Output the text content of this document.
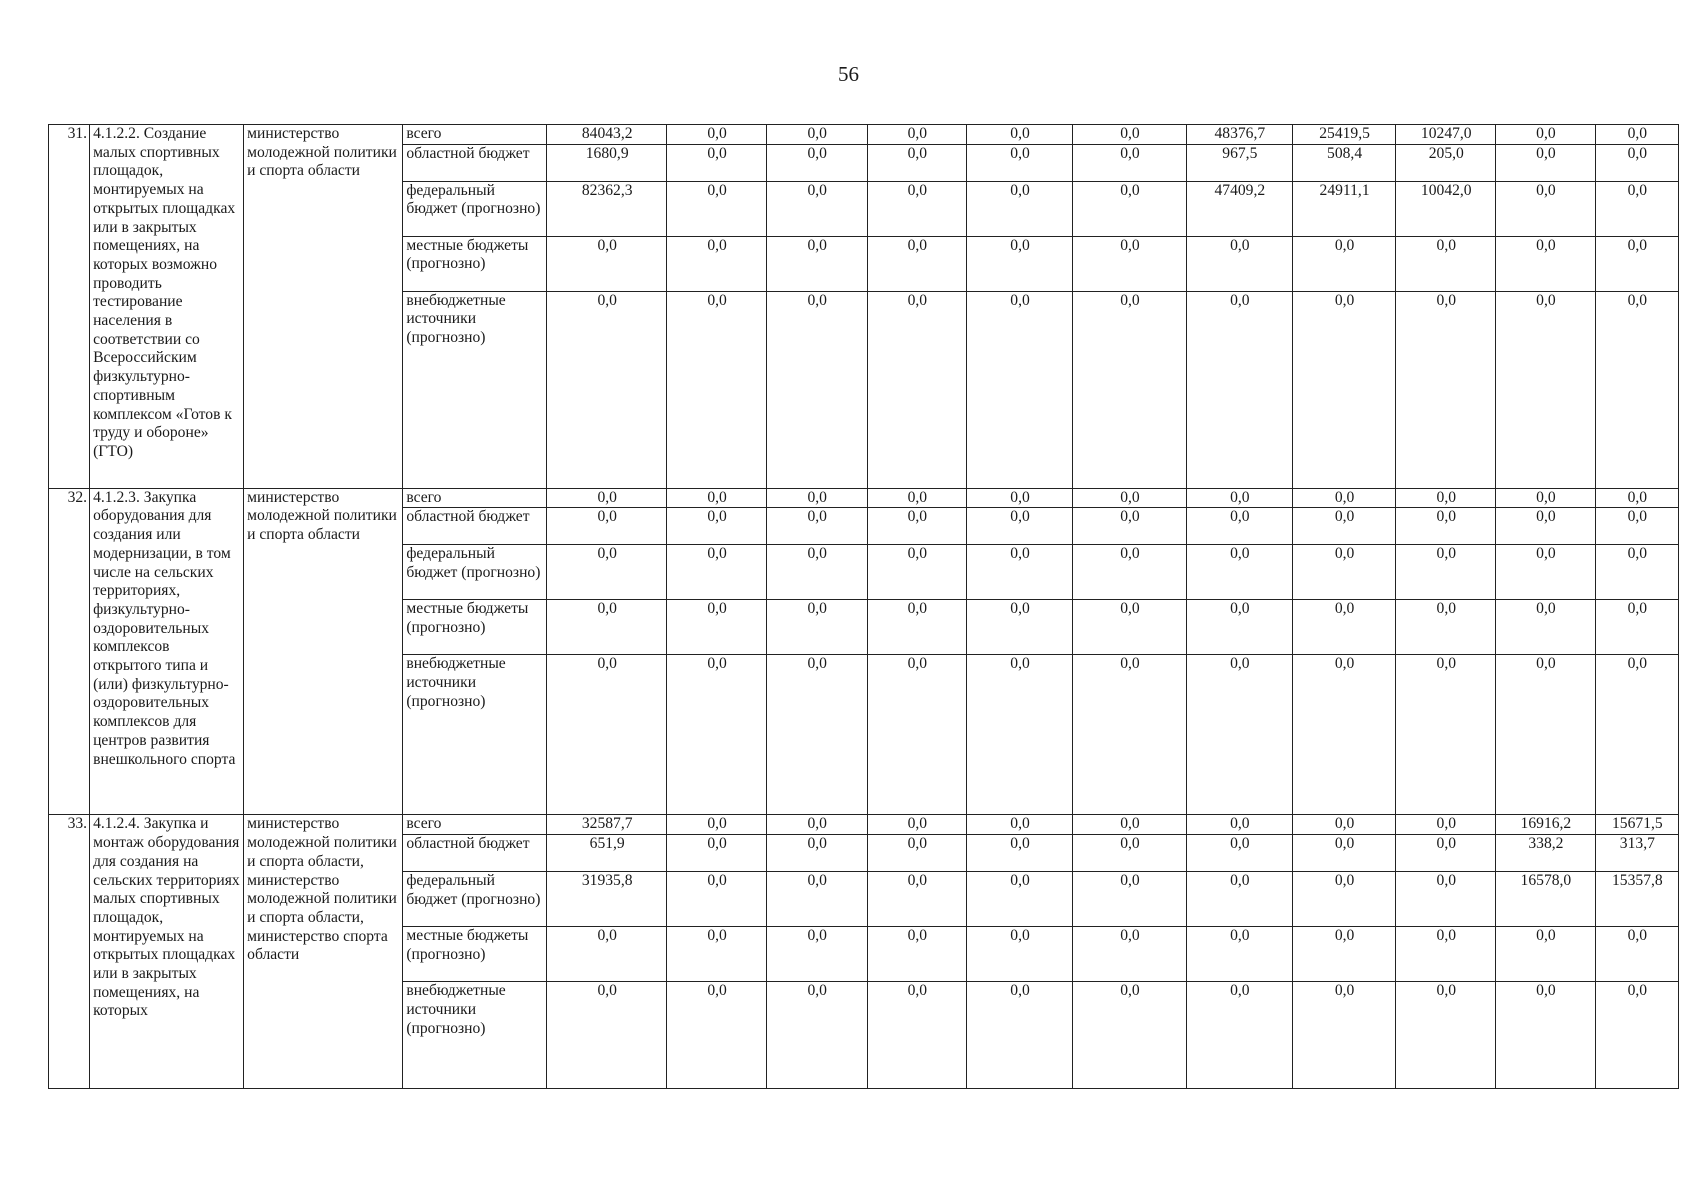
56
31.	4.1.2.2. Создание малых спортивных площадок, монтируемых на открытых площадках или в закрытых помещениях, на которых возможно проводить тестирование населения в соответствии со Всероссийским физкультурно-спортивным комплексом «Готов к труду и обороне» (ГТО)	министерство молодежной политики и спорта области	всего	84043,2	0,0	0,0	0,0	0,0	0,0	48376,7	25419,5	10247,0	0,0	0,0
			областной бюджет	1680,9	0,0	0,0	0,0	0,0	0,0	967,5	508,4	205,0	0,0	0,0
			федеральный бюджет (прогнозно)	82362,3	0,0	0,0	0,0	0,0	0,0	47409,2	24911,1	10042,0	0,0	0,0
			местные бюджеты (прогнозно)	0,0	0,0	0,0	0,0	0,0	0,0	0,0	0,0	0,0	0,0	0,0
			внебюджетные источники (прогнозно)	0,0	0,0	0,0	0,0	0,0	0,0	0,0	0,0	0,0	0,0	0,0
32.	4.1.2.3. Закупка оборудования для создания или модернизации, в том числе на сельских территориях, физкультурно-оздоровительных комплексов открытого типа и (или) физкультурно-оздоровительных комплексов для центров развития внешкольного спорта	министерство молодежной политики и спорта области	всего	0,0	0,0	0,0	0,0	0,0	0,0	0,0	0,0	0,0	0,0	0,0
			областной бюджет	0,0	0,0	0,0	0,0	0,0	0,0	0,0	0,0	0,0	0,0	0,0
			федеральный бюджет (прогнозно)	0,0	0,0	0,0	0,0	0,0	0,0	0,0	0,0	0,0	0,0	0,0
			местные бюджеты (прогнозно)	0,0	0,0	0,0	0,0	0,0	0,0	0,0	0,0	0,0	0,0	0,0
			внебюджетные источники (прогнозно)	0,0	0,0	0,0	0,0	0,0	0,0	0,0	0,0	0,0	0,0	0,0
33.	4.1.2.4. Закупка и монтаж оборудования для создания на сельских территориях малых спортивных площадок, монтируемых на открытых площадках или в закрытых помещениях, на которых	министерство молодежной политики и спорта области, министерство молодежной политики и спорта области, министерство спорта области	всего	32587,7	0,0	0,0	0,0	0,0	0,0	0,0	0,0	0,0	16916,2	15671,5
			областной бюджет	651,9	0,0	0,0	0,0	0,0	0,0	0,0	0,0	0,0	338,2	313,7
			федеральный бюджет (прогнозно)	31935,8	0,0	0,0	0,0	0,0	0,0	0,0	0,0	0,0	16578,0	15357,8
			местные бюджеты (прогнозно)	0,0	0,0	0,0	0,0	0,0	0,0	0,0	0,0	0,0	0,0	0,0
			внебюджетные источники (прогнозно)	0,0	0,0	0,0	0,0	0,0	0,0	0,0	0,0	0,0	0,0	0,0
